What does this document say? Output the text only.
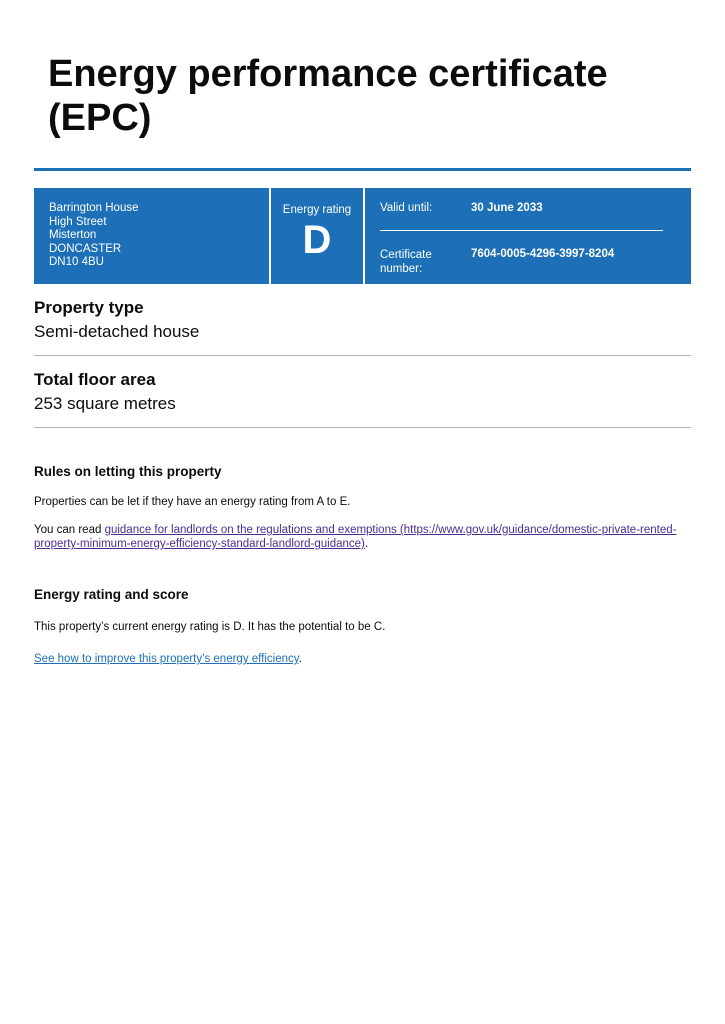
Energy performance certificate
(EPC)
Barrington House
High Street
Misterton
DONCASTER
DN10 4BU
Energy rating
D
Valid until:	30 June 2033
Certificate
number:
7604-0005-4296-3997-8204
Property type

Semi-detached house

Total floor area

253 square metres

Rules on letting this property

Properties can be let if they have an energy rating from A to E.

You can read guidance for landlords on the regulations and exemptions (https://www.gov.uk/guidance/domestic-private-rented-
property-minimum-energy-efficiency-standard-landlord-guidance).

Energy rating and score

This property’s current energy rating is D. It has the potential to be C.

See how to improve this property’s energy efficiency.
